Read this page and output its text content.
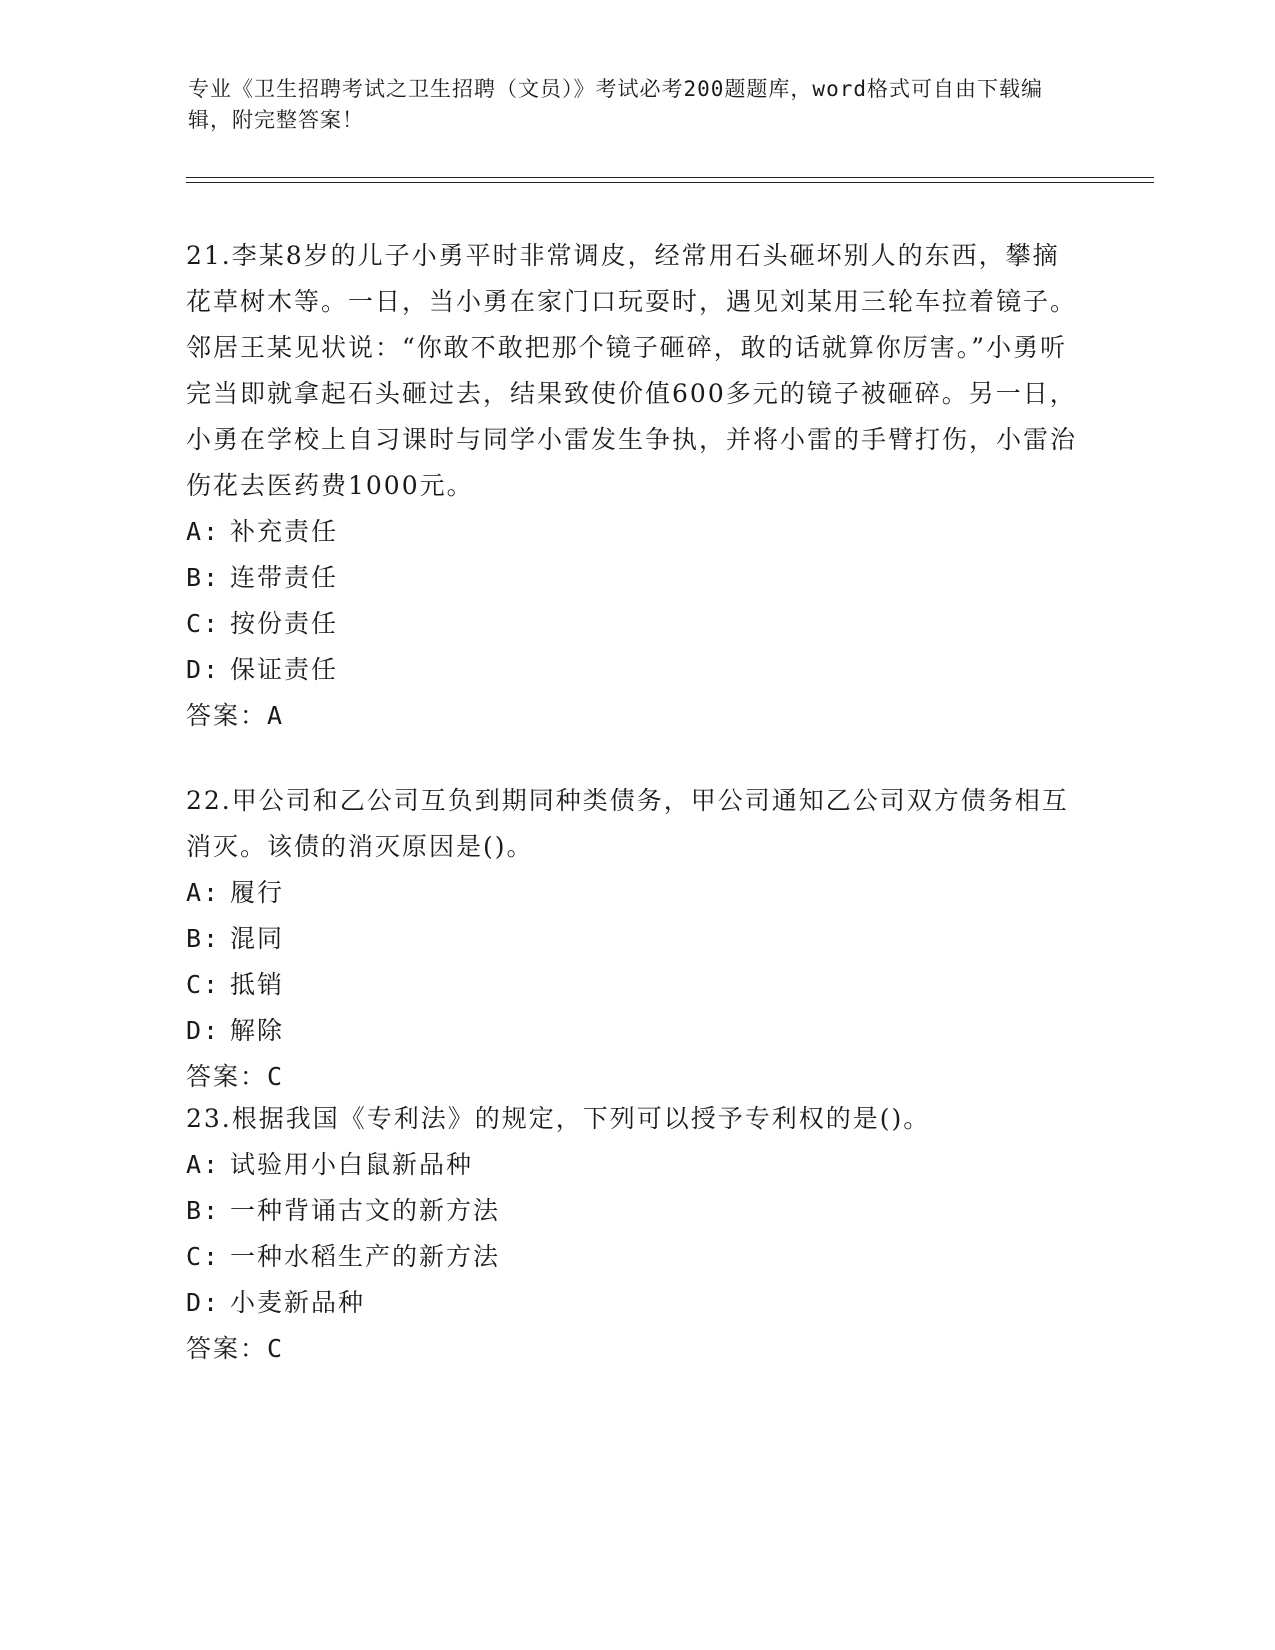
专业《卫生招聘考试之卫生招聘（文员）》考试必考200题题库，word格式可自由下载编辑，附完整答案！

21.李某8岁的儿子小勇平时非常调皮，经常用石头砸坏别人的东西，攀摘花草树木等。一日，当小勇在家门口玩耍时，遇见刘某用三轮车拉着镜子。邻居王某见状说：“你敢不敢把那个镜子砸碎，敢的话就算你厉害。”小勇听完当即就拿起石头砸过去，结果致使价值600多元的镜子被砸碎。另一日，小勇在学校上自习课时与同学小雷发生争执，并将小雷的手臂打伤，小雷治伤花去医药费1000元。

A: 补充责任

B: 连带责任

C: 按份责任

D: 保证责任

答案：A

22.甲公司和乙公司互负到期同种类债务，甲公司通知乙公司双方债务相互消灭。该债的消灭原因是()。

A: 履行

B: 混同

C: 抵销

D: 解除

答案：C

23.根据我国《专利法》的规定，下列可以授予专利权的是()。

A: 试验用小白鼠新品种

B: 一种背诵古文的新方法

C: 一种水稻生产的新方法

D: 小麦新品种

答案：C
